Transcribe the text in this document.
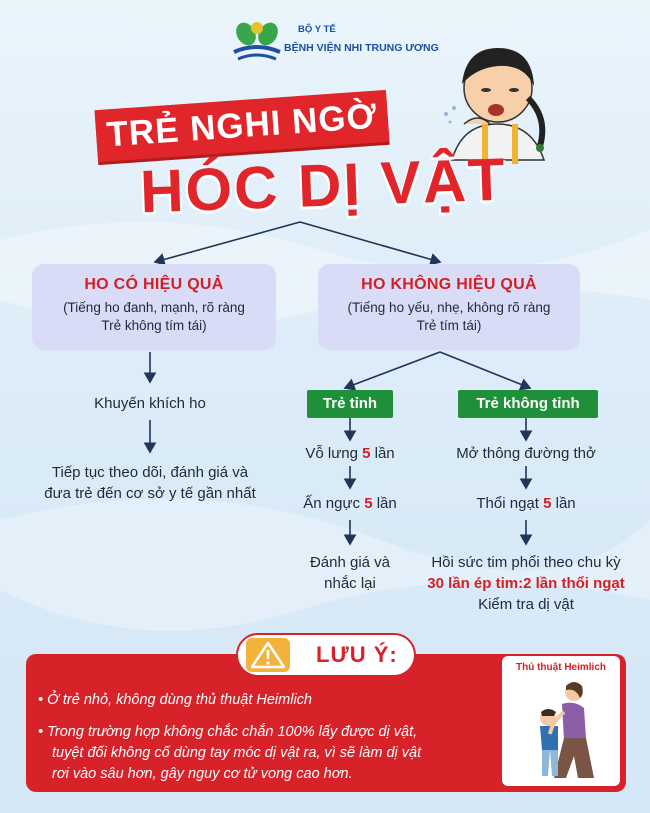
BỘ Y TẾ
BỆNH VIỆN NHI TRUNG ƯƠNG
TRẺ NGHI NGỜ
HÓC DỊ VẬT
HO CÓ HIỆU QUẢ
(Tiếng ho đanh, mạnh, rõ ràng
Trẻ không tím tái)
HO KHÔNG HIỆU QUẢ
(Tiếng ho yếu, nhẹ, không rõ ràng
Trẻ tím tái)
Khuyến khích ho
Tiếp tục theo dõi, đánh giá và
đưa trẻ đến cơ sở y tế gần nhất
Trẻ tỉnh	Trẻ không tỉnh
Vỗ lưng 5 lần
Ấn ngực 5 lần
Đánh giá và
nhắc lại
Mở thông đường thở
Thổi ngạt 5 lần
Hồi sức tim phổi theo chu kỳ
30 lần ép tim:2 lần thổi ngạt
Kiểm tra dị vật
LƯU Ý:
• Ở trẻ nhỏ, không dùng thủ thuật Heimlich
• Trong trường hợp không chắc chắn 100% lấy được dị vật,
tuyệt đối không cố dùng tay móc dị vật ra, vì sẽ làm dị vật
rơi vào sâu hơn, gây nguy cơ tử vong cao hơn.
Thủ thuật Heimlich
